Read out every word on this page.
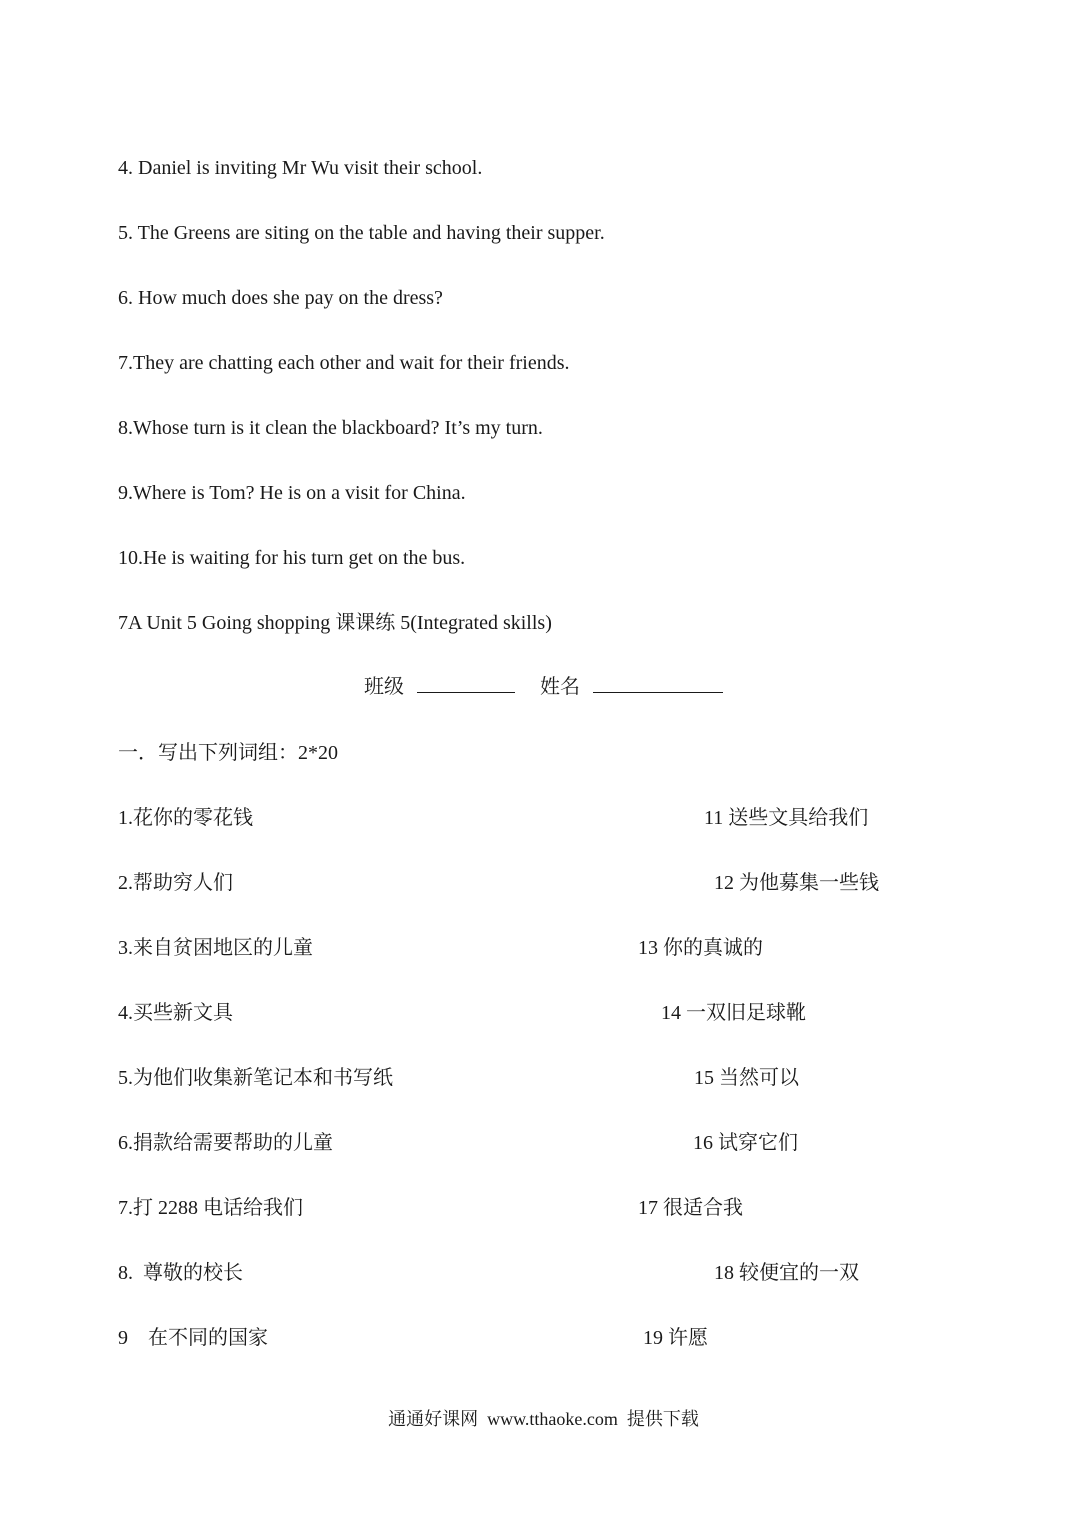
4. Daniel is inviting Mr Wu visit their school.
5. The Greens are siting on the table and having their supper.
6. How much does she pay on the dress?
7.They are chatting each other and wait for their friends.
8.Whose turn is it clean the blackboard? It’s my turn.
9.Where is Tom? He is on a visit for China.
10.He is waiting for his turn get on the bus.
7A Unit 5 Going shopping 课课练 5(Integrated skills)
班级	姓名
一．写出下列词组：2*20
1.花你的零花钱
2.帮助穷人们
3.来自贫困地区的儿童
4.买些新文具
5.为他们收集新笔记本和书写纸
6.捐款给需要帮助的儿童
7.打 2288 电话给我们
8.  尊敬的校长
9    在不同的国家
11 送些文具给我们
12 为他募集一些钱
13 你的真诚的
14 一双旧足球靴
15 当然可以
16 试穿它们
17 很适合我
18 较便宜的一双
19 许愿
通通好课网  www.tthaoke.com  提供下载
